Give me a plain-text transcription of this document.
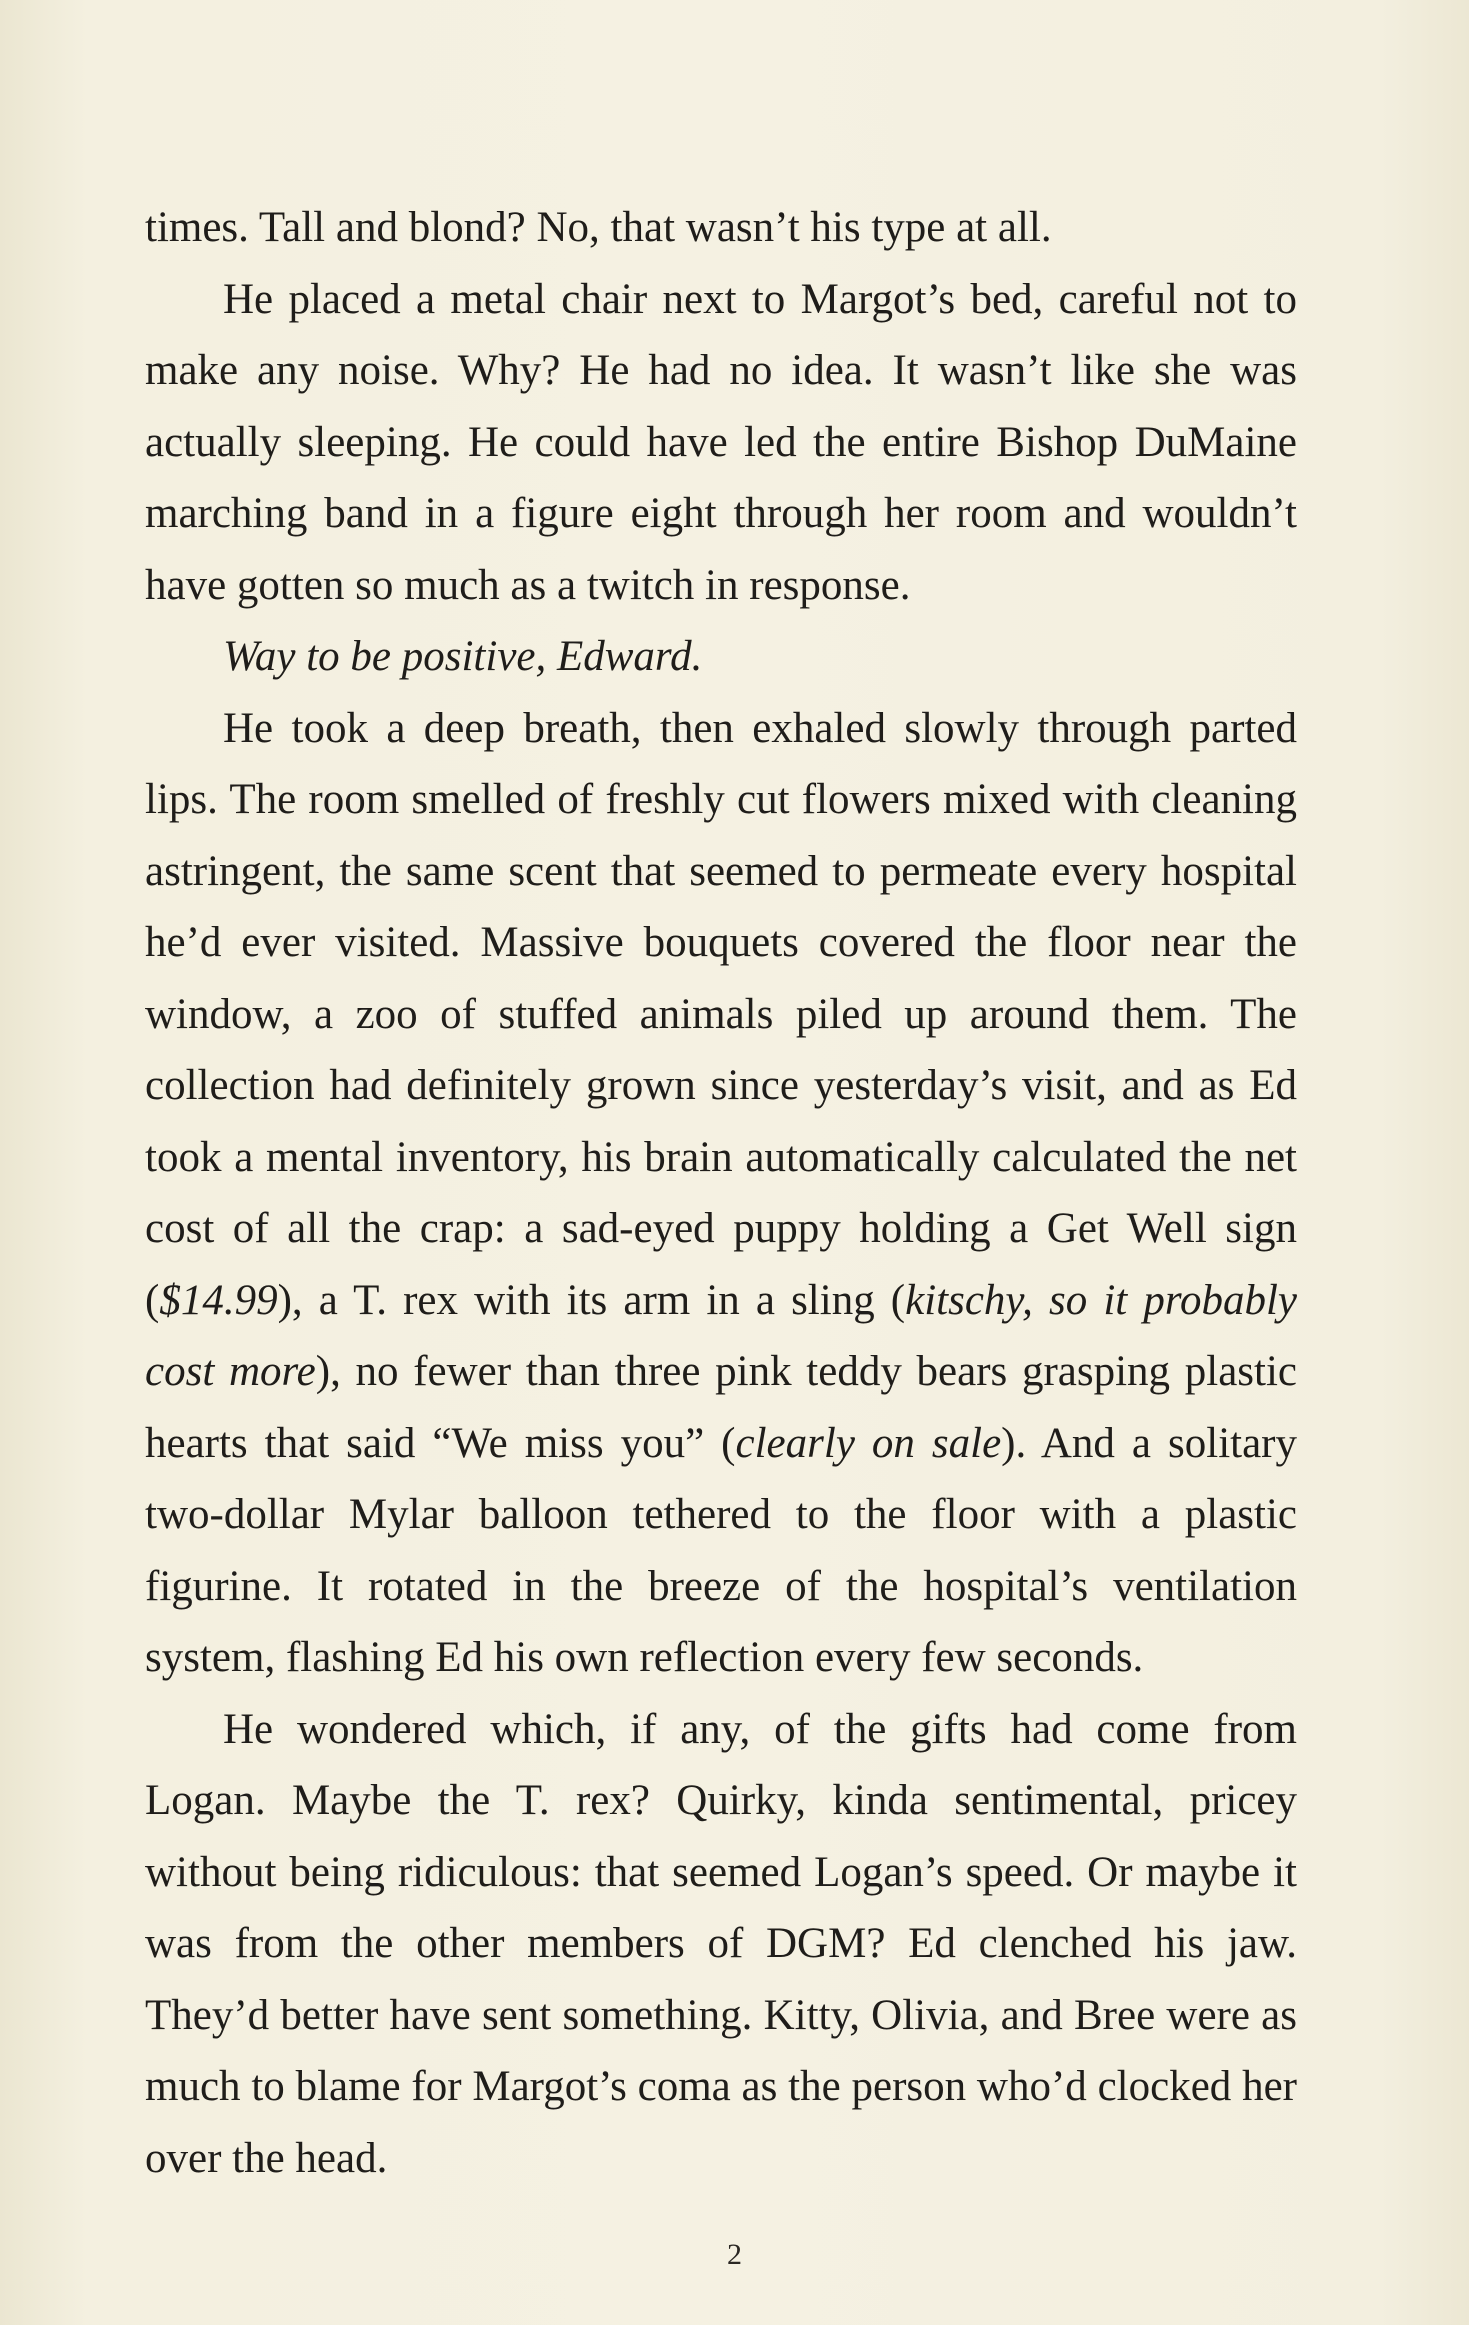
times. Tall and blond? No, that wasn’t his type at all.

He placed a metal chair next to Margot’s bed, careful not to make any noise. Why? He had no idea. It wasn’t like she was actually sleeping. He could have led the entire Bishop DuMaine marching band in a figure eight through her room and wouldn’t have gotten so much as a twitch in response.

Way to be positive, Edward.

He took a deep breath, then exhaled slowly through parted lips. The room smelled of freshly cut flowers mixed with cleaning astringent, the same scent that seemed to permeate every hospital he’d ever visited. Massive bouquets covered the floor near the window, a zoo of stuffed animals piled up around them. The collection had definitely grown since yesterday’s visit, and as Ed took a mental inventory, his brain automatically calculated the net cost of all the crap: a sad-eyed puppy holding a Get Well sign ($14.99), a T. rex with its arm in a sling (kitschy, so it probably cost more), no fewer than three pink teddy bears grasping plastic hearts that said “We miss you” (clearly on sale). And a solitary two-dollar Mylar balloon tethered to the floor with a plastic figurine. It rotated in the breeze of the hospital’s ventilation system, flashing Ed his own reflection every few seconds.

He wondered which, if any, of the gifts had come from Logan. Maybe the T. rex? Quirky, kinda sentimental, pricey without being ridiculous: that seemed Logan’s speed. Or maybe it was from the other members of DGM? Ed clenched his jaw. They’d better have sent something. Kitty, Olivia, and Bree were as much to blame for Margot’s coma as the person who’d clocked her over the head.

2
